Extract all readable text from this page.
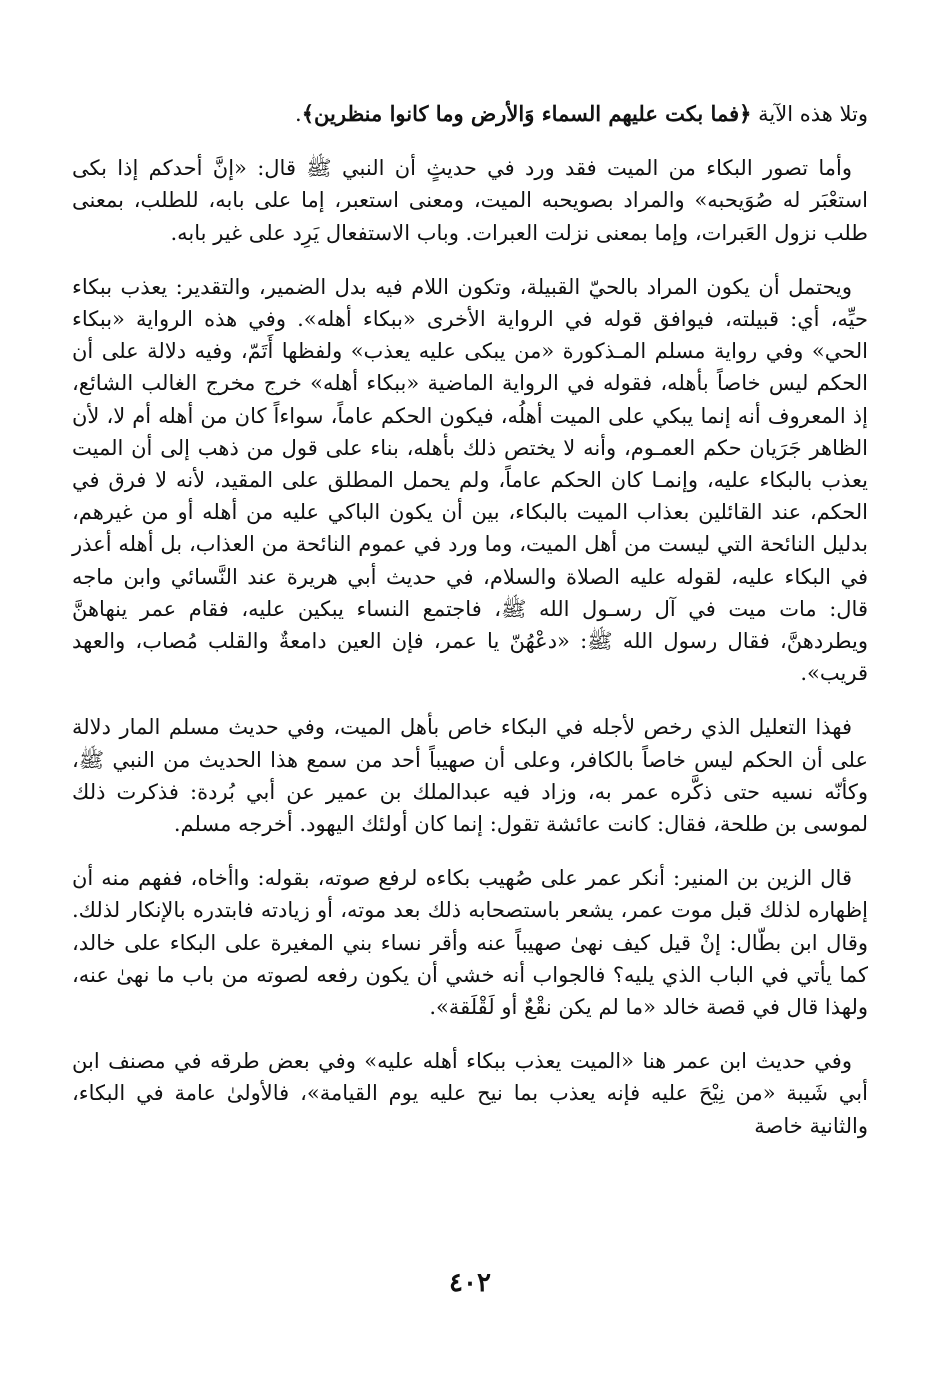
وتلا هذه الآية ﴿فما بكت عليهم السماء وَالأرض وما كانوا منظرين﴾.

وأما تصور البكاء من الميت فقد ورد في حديثٍ أن النبي ﷺ قال: «إنَّ أحدكم إذا بكى استعْبَر له صُوَيحبه» والمراد بصويحبه الميت، ومعنى استعبر، إما على بابه، للطلب، بمعنى طلب نزول العَبرات، وإما بمعنى نزلت العبرات. وباب الاستفعال يَرِد على غير بابه.

ويحتمل أن يكون المراد بالحيّ القبيلة، وتكون اللام فيه بدل الضمير، والتقدير: يعذب ببكاء حيِّه، أي: قبيلته، فيوافق قوله في الرواية الأخرى «ببكاء أهله». وفي هذه الرواية «ببكاء الحي» وفي رواية مسلم المـذكورة «من يبكى عليه يعذب» ولفظها أَتَمّ، وفيه دلالة على أن الحكم ليس خاصاً بأهله، فقوله في الرواية الماضية «ببكاء أهله» خرج مخرج الغالب الشائع، إذ المعروف أنه إنما يبكي على الميت أهلُه، فيكون الحكم عاماً، سواءاً كان من أهله أم لا، لأن الظاهر جَرَيان حكم العمـوم، وأنه لا يختص ذلك بأهله، بناء على قول من ذهب إلى أن الميت يعذب بالبكاء عليه، وإنمـا كان الحكم عاماً، ولم يحمل المطلق على المقيد، لأنه لا فرق في الحكم، عند القائلين بعذاب الميت بالبكاء، بين أن يكون الباكي عليه من أهله أو من غيرهم، بدليل النائحة التي ليست من أهل الميت، وما ورد في عموم النائحة من العذاب، بل أهله أعذر في البكاء عليه، لقوله عليه الصلاة والسلام، في حديث أبي هريرة عند النَّسائي وابن ماجه قال: مات ميت في آل رسـول الله ﷺ، فاجتمع النساء يبكين عليه، فقام عمر ينهاهنَّ ويطردهنَّ، فقال رسول الله ﷺ: «دعْهُنّ يا عمر، فإن العين دامعةٌ والقلب مُصاب، والعهد قريب».

فهذا التعليل الذي رخص لأجله في البكاء خاص بأهل الميت، وفي حديث مسلم المار دلالة على أن الحكم ليس خاصاً بالكافر، وعلى أن صهيباً أحد من سمع هذا الحديث من النبي ﷺ، وكأنّه نسيه حتى ذكَّره عمر به، وزاد فيه عبدالملك بن عمير عن أبي بُردة: فذكرت ذلك لموسى بن طلحة، فقال: كانت عائشة تقول: إنما كان أولئك اليهود. أخرجه مسلم.

قال الزين بن المنير: أنكر عمر على صُهيب بكاءه لرفع صوته، بقوله: واأخاه، ففهم منه أن إظهاره لذلك قبل موت عمر، يشعر باستصحابه ذلك بعد موته، أو زيادته فابتدره بالإنكار لذلك. وقال ابن بطّال: إنْ قيل كيف نهىٰ صهيباً عنه وأقر نساء بني المغيرة على البكاء على خالد، كما يأتي في الباب الذي يليه؟ فالجواب أنه خشي أن يكون رفعه لصوته من باب ما نهىٰ عنه، ولهذا قال في قصة خالد «ما لم يكن نقْعٌ أو لَقْلَقة».

وفي حديث ابن عمر هنا «الميت يعذب ببكاء أهله عليه» وفي بعض طرقه في مصنف ابن أبي شَيبة «من نِيْحَ عليه فإنه يعذب بما نيح عليه يوم القيامة»، فالأولىٰ عامة في البكاء، والثانية خاصة

٤٠٢
